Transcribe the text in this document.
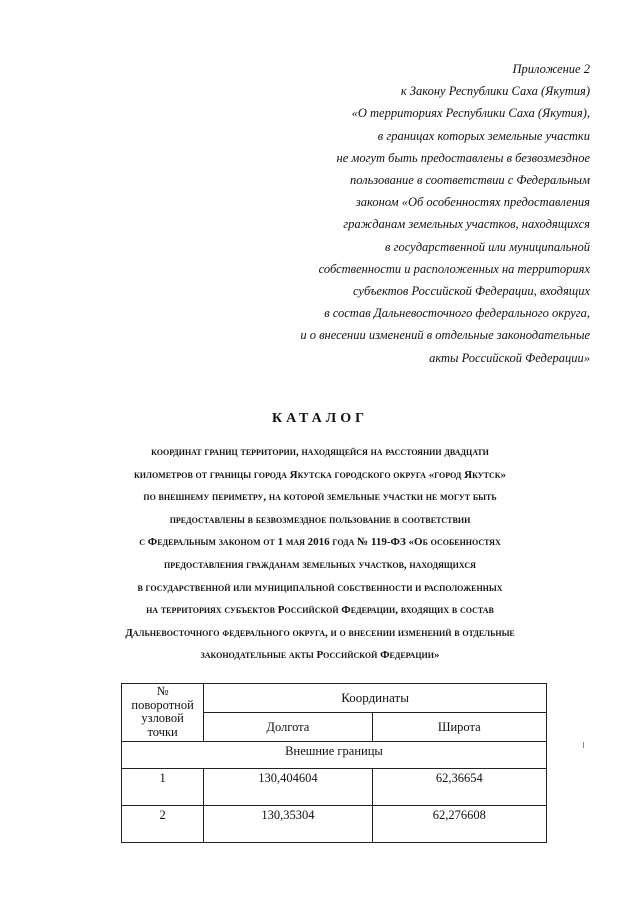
Приложение 2
к Закону Республики Саха (Якутия)
«О территориях Республики Саха (Якутия),
в границах которых земельные участки
не могут быть предоставлены в безвозмездное
пользование в соответствии с Федеральным
законом «Об особенностях предоставления
гражданам земельных участков, находящихся
в государственной или муниципальной
собственности и расположенных на территориях
субъектов Российской Федерации, входящих
в состав Дальневосточного федерального округа,
и о внесении изменений в отдельные законодательные
акты Российской Федерации»
КАТАЛОГ
координат границ территории, находящейся на расстоянии двадцати
километров от границы города Якутска городского округа «город Якутск»
по внешнему периметру, на которой земельные участки не могут быть
предоставлены в безвозмездное пользование в соответствии
с Федеральным законом от 1 мая 2016 года № 119-ФЗ «Об особенностях
предоставления гражданам земельных участков, находящихся
в государственной или муниципальной собственности и расположенных
на территориях субъектов Российской Федерации, входящих в состав
Дальневосточного федерального округа, и о внесении изменений в отдельные
законодательные акты Российской Федерации»
№
поворотной
узловой
точки	Координаты	
	Долгота	Широта
Внешние границы		
1	130,404604	62,36654
2	130,35304	62,276608
